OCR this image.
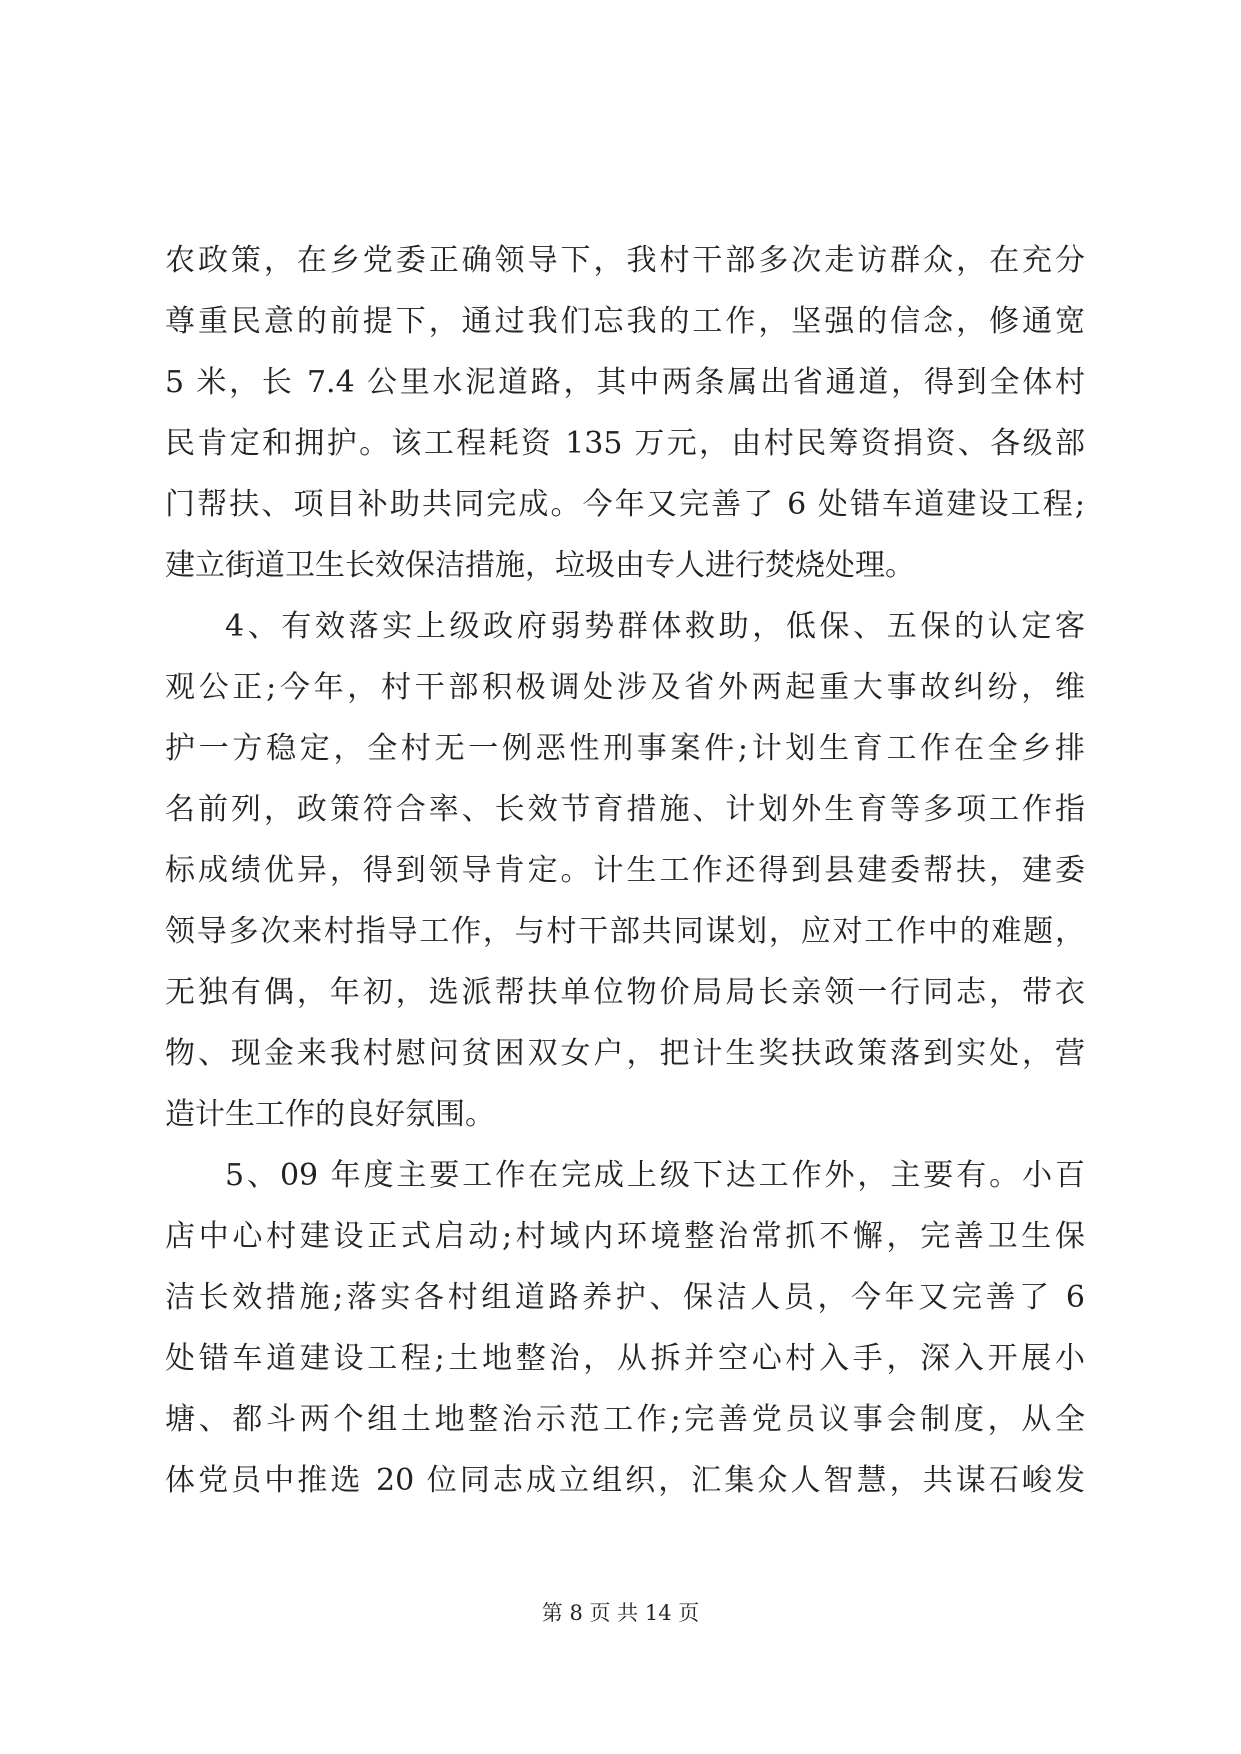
农政策，在乡党委正确领导下，我村干部多次走访群众，在充分
尊重民意的前提下，通过我们忘我的工作，坚强的信念，修通宽
5 米，长 7.4 公里水泥道路，其中两条属出省通道，得到全体村
民肯定和拥护。该工程耗资 135 万元，由村民筹资捐资、各级部
门帮扶、项目补助共同完成。今年又完善了 6 处错车道建设工程;
建立街道卫生长效保洁措施，垃圾由专人进行焚烧处理。
4、有效落实上级政府弱势群体救助，低保、五保的认定客
观公正;今年，村干部积极调处涉及省外两起重大事故纠纷，维
护一方稳定，全村无一例恶性刑事案件;计划生育工作在全乡排
名前列，政策符合率、长效节育措施、计划外生育等多项工作指
标成绩优异，得到领导肯定。计生工作还得到县建委帮扶，建委
领导多次来村指导工作，与村干部共同谋划，应对工作中的难题，
无独有偶，年初，选派帮扶单位物价局局长亲领一行同志，带衣
物、现金来我村慰问贫困双女户，把计生奖扶政策落到实处，营
造计生工作的良好氛围。
5、09 年度主要工作在完成上级下达工作外，主要有。小百
店中心村建设正式启动;村域内环境整治常抓不懈，完善卫生保
洁长效措施;落实各村组道路养护、保洁人员，今年又完善了 6
处错车道建设工程;土地整治，从拆并空心村入手，深入开展小
塘、都斗两个组土地整治示范工作;完善党员议事会制度，从全
体党员中推选 20 位同志成立组织，汇集众人智慧，共谋石峻发
第 8 页 共 14 页
